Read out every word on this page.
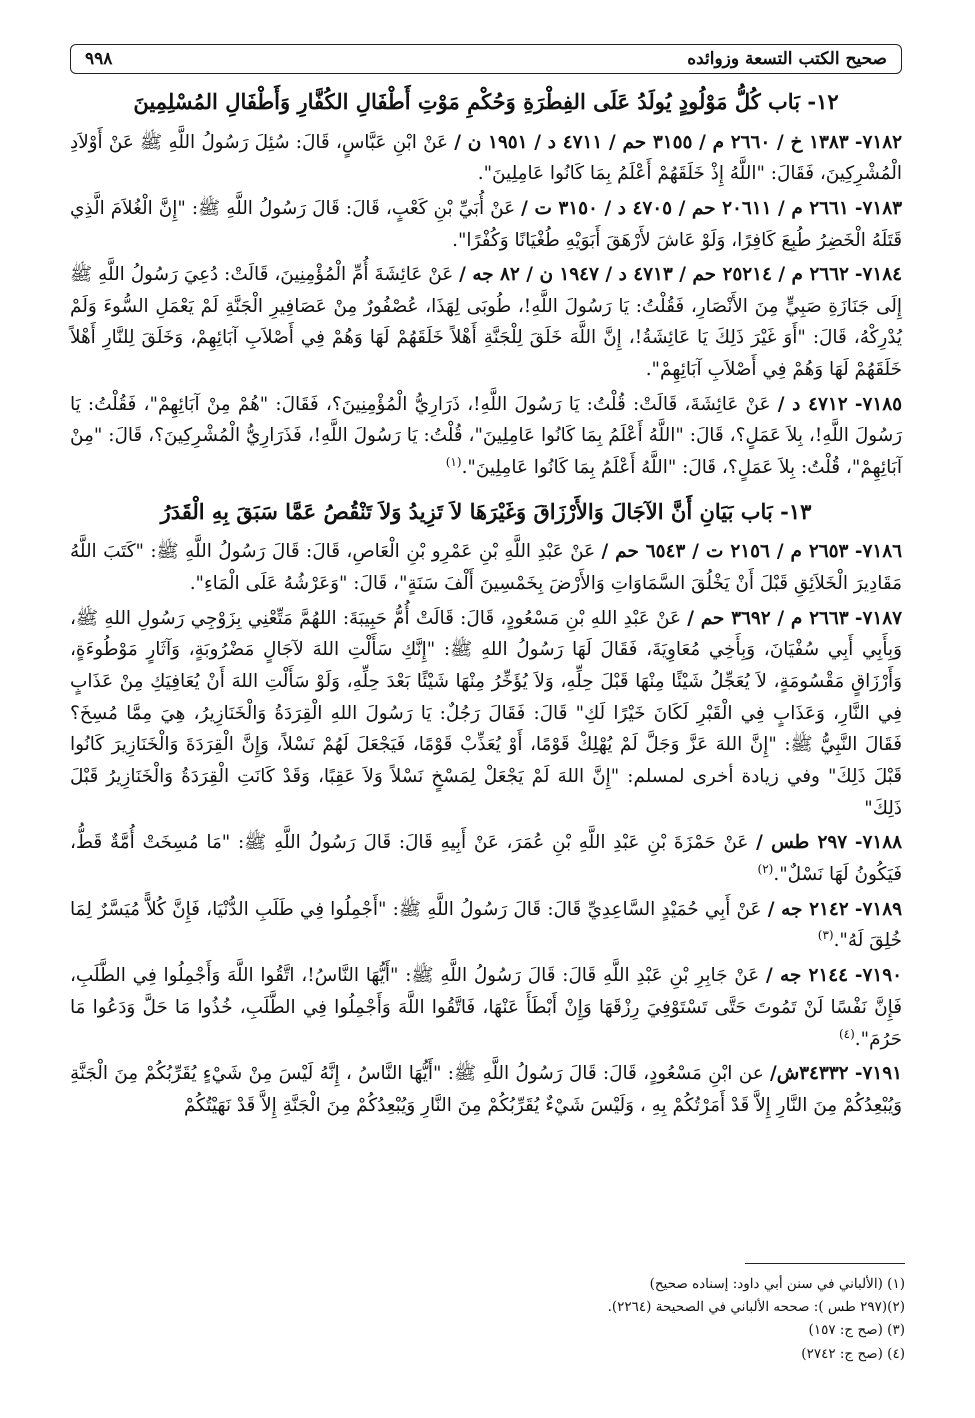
صحيح الكتب التسعة وزوائده
٩٩٨
١٢- بَاب كُلُّ مَوْلُودٍ يُولَدُ عَلَى الفِطْرَةِ وَحُكْمِ مَوْتِ أَطْفَالِ الكُفَّارِ وَأَطْفَالِ المُسْلِمِينَ

٧١٨٢- ١٣٨٣ خ / ٢٦٦٠ م / ٣١٥٥ حم / ٤٧١١ د / ١٩٥١ ن / عَنْ ابْنِ عَبَّاسٍ، قَالَ: سُئِلَ رَسُولُ اللَّهِ ﷺ عَنْ أَوْلاَدِ الْمُشْرِكِينَ، فَقَالَ: "اللَّهُ إِذْ خَلَقَهُمْ أَعْلَمُ بِمَا كَانُوا عَامِلِينَ".

٧١٨٣- ٢٦٦١ م / ٢٠٦١١ حم / ٤٧٠٥ د / ٣١٥٠ ت / عَنْ أُبَيِّ بْنِ كَعْبٍ، قَالَ: قَالَ رَسُولُ اللَّهِ ﷺ: "إِنَّ الْغُلاَمَ الَّذِي قَتَلَهُ الْخَضِرُ طُبِعَ كَافِرًا، وَلَوْ عَاشَ لأَرْهَقَ أَبَوَيْهِ طُغْيَانًا وَكُفْرًا".

٧١٨٤- ٢٦٦٢ م / ٢٥٢١٤ حم / ٤٧١٣ د / ١٩٤٧ ن / ٨٢ جه / عَنْ عَائِشَةَ أُمِّ الْمُؤْمِنِينَ، قَالَتْ: دُعِيَ رَسُولُ اللَّهِ ﷺ إِلَى جَنَازَةِ صَبِيٍّ مِنَ الأَنْصَارِ، فَقُلْتُ: يَا رَسُولَ اللَّهِ!، طُوبَى لِهَذَا، عُصْفُورٌ مِنْ عَصَافِيرِ الْجَنَّةِ لَمْ يَعْمَلِ السُّوءَ وَلَمْ يُدْرِكْهُ، قَالَ: "أَوَ غَيْرَ ذَلِكَ يَا عَائِشَةُ!، إِنَّ اللَّهَ خَلَقَ لِلْجَنَّةِ أَهْلاً خَلَقَهُمْ لَهَا وَهُمْ فِي أَصْلاَبِ آبَائِهِمْ، وَخَلَقَ لِلنَّارِ أَهْلاً خَلَقَهُمْ لَهَا وَهُمْ فِي أَصْلاَبِ آبَائِهِمْ".

٧١٨٥- ٤٧١٢ د / عَنْ عَائِشَةَ، قَالَتْ: قُلْتُ: يَا رَسُولَ اللَّهِ!، ذَرَارِيُّ الْمُؤْمِنِينَ؟، فَقَالَ: "هُمْ مِنْ آبَائِهِمْ"، فَقُلْتُ: يَا رَسُولَ اللَّهِ!، بِلاَ عَمَلٍ؟، قَالَ: "اللَّهُ أَعْلَمُ بِمَا كَانُوا عَامِلِينَ"، قُلْتُ: يَا رَسُولَ اللَّهِ!، فَذَرَارِيُّ الْمُشْرِكِينَ؟، قَالَ: "مِنْ آبَائِهِمْ"، قُلْتُ: بِلاَ عَمَلٍ؟، قَالَ: "اللَّهُ أَعْلَمُ بِمَا كَانُوا عَامِلِينَ".$^{(١)}$

١٣- بَاب بَيَانِ أَنَّ الآجَالَ وَالأَرْزَاقَ وَغَيْرَهَا لاَ تَزِيدُ وَلاَ تَنْقُصُ عَمَّا سَبَقَ بِهِ الْقَدَرُ

٧١٨٦- ٢٦٥٣ م / ٢١٥٦ ت / ٦٥٤٣ حم / عَنْ عَبْدِ اللَّهِ بْنِ عَمْرِو بْنِ الْعَاصِ، قَالَ: قَالَ رَسُولُ اللَّهِ ﷺ: "كَتَبَ اللَّهُ مَقَادِيرَ الْخَلاَئِقِ قَبْلَ أَنْ يَخْلُقَ السَّمَاوَاتِ وَالأَرْضَ بِخَمْسِينَ أَلْفَ سَنَةٍ"، قَالَ: "وَعَرْشُهُ عَلَى الْمَاءِ".

٧١٨٧- ٢٦٦٣ م / ٣٦٩٢ حم / عَنْ عَبْدِ اللهِ بْنِ مَسْعُودٍ، قَالَ: قَالَتْ أُمُّ حَبِيبَةَ: اللهُمَّ مَتِّعْنِي بِزَوْجِي رَسُولِ اللهِ ﷺ، وَبِأَبِي أَبِي سُفْيَانَ، وَبِأَخِي مُعَاوِيَةَ، فَقَالَ لَهَا رَسُولُ اللهِ ﷺ: "إِنَّكِ سَأَلْتِ اللهَ لآجَالٍ مَضْرُوبَةٍ، وَآثَارٍ مَوْطُوءَةٍ، وَأَرْزَاقٍ مَقْسُومَةٍ، لاَ يُعَجِّلُ شَيْئًا مِنْهَا قَبْلَ حِلِّهِ، وَلاَ يُؤَخِّرُ مِنْهَا شَيْئًا بَعْدَ حِلِّهِ، وَلَوْ سَأَلْتِ اللهَ أَنْ يُعَافِيَكِ مِنْ عَذَابٍ فِي النَّارِ، وَعَذَابٍ فِي الْقَبْرِ لَكَانَ خَيْرًا لَكِ" قَالَ: فَقَالَ رَجُلٌ: يَا رَسُولَ اللهِ الْقِرَدَةُ وَالْخَنَازِيرُ، هِيَ مِمَّا مُسِخَ؟ فَقَالَ النَّبِيُّ ﷺ: "إِنَّ اللهَ عَزَّ وَجَلَّ لَمْ يُهْلِكْ قَوْمًا، أَوْ يُعَذِّبْ قَوْمًا، فَيَجْعَلَ لَهُمْ نَسْلاً، وَإِنَّ الْقِرَدَةَ وَالْخَنَازِيرَ كَانُوا قَبْلَ ذَلِكَ" وفي زيادة أخرى لمسلم: "إِنَّ اللهَ لَمْ يَجْعَلْ لِمَسْخٍ نَسْلاً وَلاَ عَقِبًا، وَقَدْ كَانَتِ الْقِرَدَةُ وَالْخَنَازِيرُ قَبْلَ ذَلِكَ"

٧١٨٨- ٢٩٧ طس / عَنْ حَمْزَةَ بْنِ عَبْدِ اللَّهِ بْنِ عُمَرَ، عَنْ أَبِيهِ قَالَ: قَالَ رَسُولُ اللَّهِ ﷺ: "مَا مُسِخَتْ أُمَّةٌ قَطُّ، فَيَكُونُ لَهَا نَسْلٌ".$^{(٢)}$

٧١٨٩- ٢١٤٢ جه / عَنْ أَبِي حُمَيْدٍ السَّاعِدِيِّ قَالَ: قَالَ رَسُولُ اللَّهِ ﷺ: "أَجْمِلُوا فِي طَلَبِ الدُّنْيَا، فَإِنَّ كُلاًّ مُيَسَّرٌ لِمَا خُلِقَ لَهُ".$^{(٣)}$

٧١٩٠- ٢١٤٤ جه / عَنْ جَابِرِ بْنِ عَبْدِ اللَّهِ قَالَ: قَالَ رَسُولُ اللَّهِ ﷺ: "أَيُّهَا النَّاسُ!، اتَّقُوا اللَّهَ وَأَجْمِلُوا فِي الطَّلَبِ، فَإِنَّ نَفْسًا لَنْ تَمُوتَ حَتَّى تَسْتَوْفِيَ رِزْقَهَا وَإِنْ أَبْطَأَ عَنْهَا، فَاتَّقُوا اللَّهَ وَأَجْمِلُوا فِي الطَّلَبِ، خُذُوا مَا حَلَّ وَدَعُوا مَا حَرُمَ".$^{(٤)}$

٧١٩١- ٣٤٣٣٢ش/ عن ابْنِ مَسْعُودٍ، قَالَ: قَالَ رَسُولُ اللَّهِ ﷺ: "أَيُّهَا النَّاسُ ، إِنَّهُ لَيْسَ مِنْ شَيْءٍ يُقَرِّبُكُمْ مِنَ الْجَنَّةِ وَيُبْعِدُكُمْ مِنَ النَّارِ إِلاَّ قَدْ أَمَرْتُكُمْ بِهِ ، وَلَيْسَ شَيْءٌ يُقَرِّبُكُمْ مِنَ النَّارِ وَيُبْعِدُكُمْ مِنَ الْجَنَّةِ إِلاَّ قَدْ نَهَيْتُكُمْ

(١) (الألباني في سنن أبي داود: إسناده صحيح)
(٢)(٢٩٧ طس ): صححه الألباني في الصحيحة (٢٢٦٤).
(٣) (صح ج: ١٥٧)
(٤) (صح ج: ٢٧٤٢)
